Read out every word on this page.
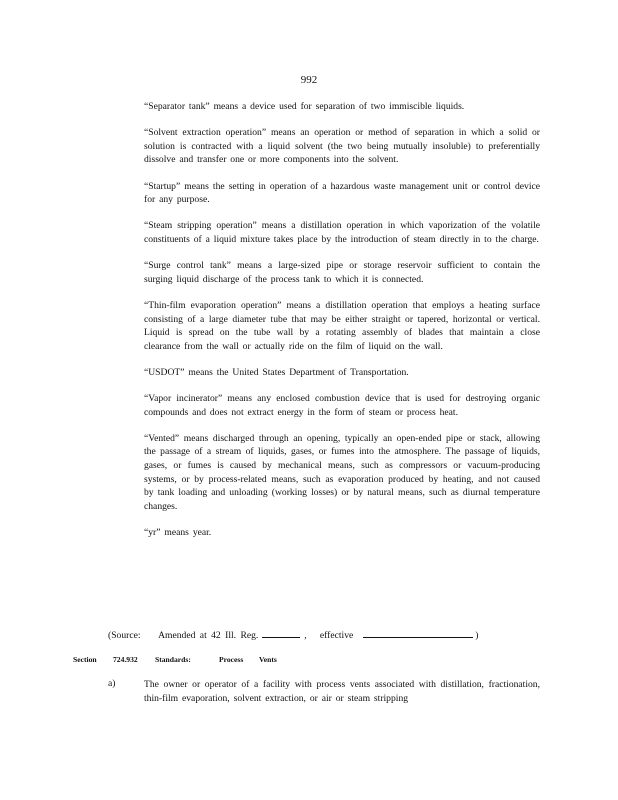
992

“Separator tank” means a device used for separation of two immiscible liquids.

“Solvent extraction operation” means an operation or method of separation in which a solid or solution is contracted with a liquid solvent (the two being mutually insoluble) to preferentially dissolve and transfer one or more components into the solvent.

“Startup” means the setting in operation of a hazardous waste management unit or control device for any purpose.

“Steam stripping operation” means a distillation operation in which vaporization of the volatile constituents of a liquid mixture takes place by the introduction of steam directly in to the charge.

“Surge control tank” means a large-sized pipe or storage reservoir sufficient to contain the surging liquid discharge of the process tank to which it is connected.

“Thin-film evaporation operation” means a distillation operation that employs a heating surface consisting of a large diameter tube that may be either straight or tapered, horizontal or vertical. Liquid is spread on the tube wall by a rotating assembly of blades that maintain a close clearance from the wall or actually ride on the film of liquid on the wall.

“USDOT” means the United States Department of Transportation.

“Vapor incinerator” means any enclosed combustion device that is used for destroying organic compounds and does not extract energy in the form of steam or process heat.

“Vented” means discharged through an opening, typically an open-ended pipe or stack, allowing the passage of a stream of liquids, gases, or fumes into the atmosphere. The passage of liquids, gases, or fumes is caused by mechanical means, such as compressors or vacuum-producing systems, or by process-related means, such as evaporation produced by heating, and not caused by tank loading and unloading (working losses) or by natural means, such as diurnal temperature changes.

“yr” means year.

(Source: Amended at 42 Ill. Reg.	, effective	)
Section 724.932 Standards:	Process Vents
a)	The owner or operator of a facility with process vents associated with distillation, fractionation, thin-film evaporation, solvent extraction, or air or steam stripping
